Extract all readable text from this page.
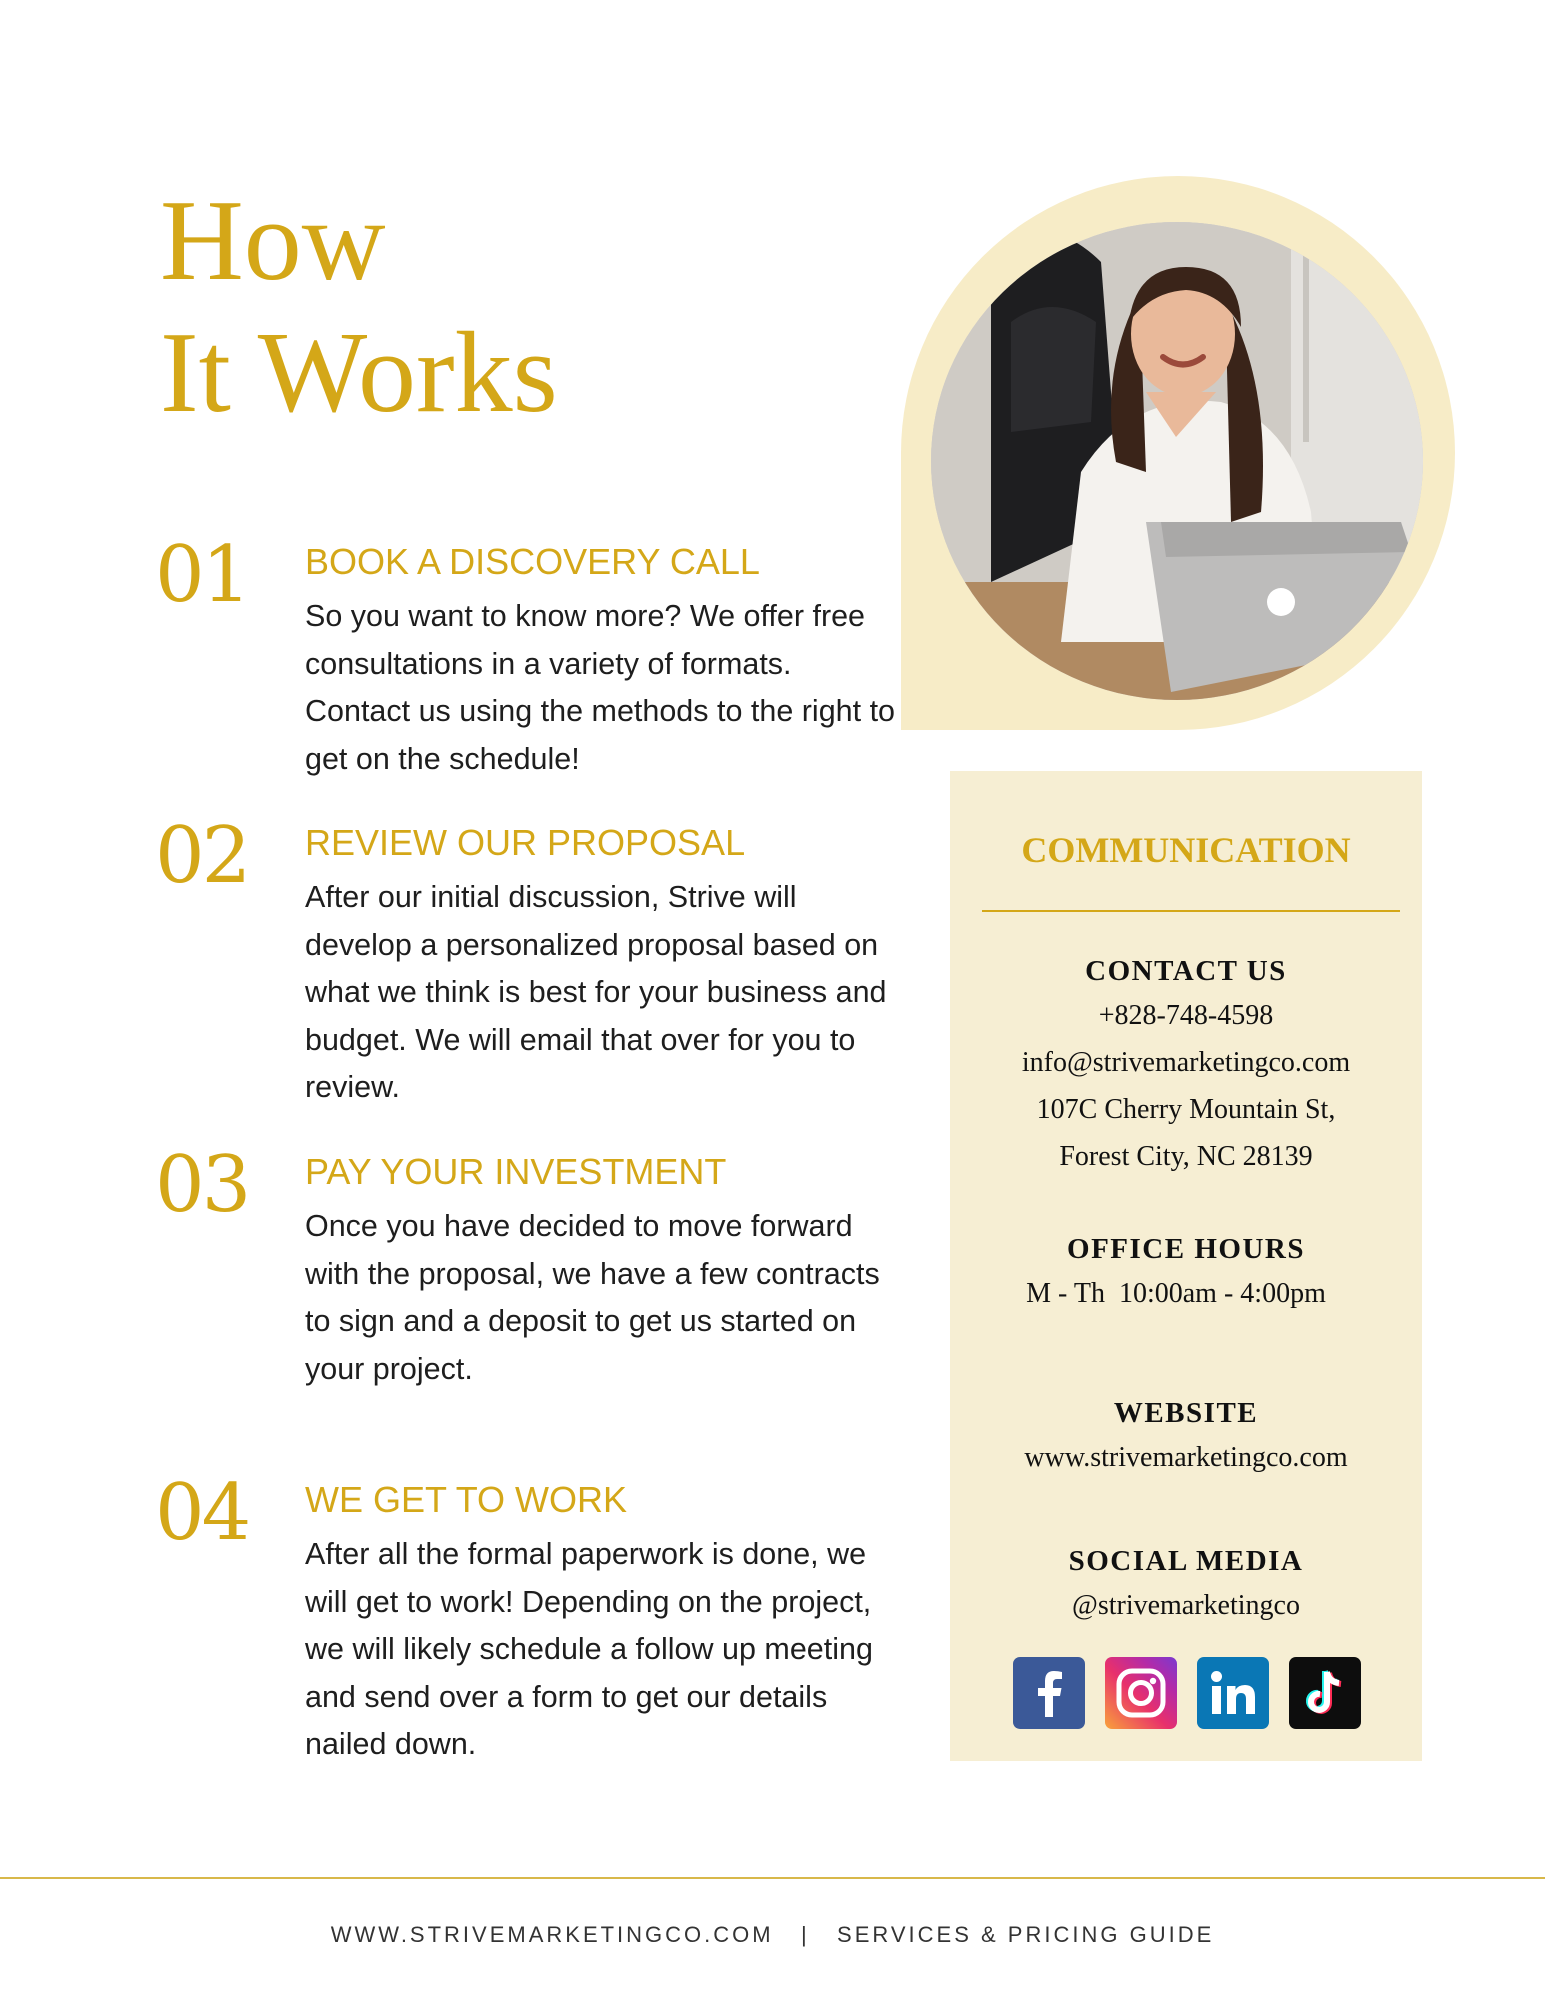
How
It Works
01 BOOK A DISCOVERY CALL

So you want to know more? We offer free consultations in a variety of formats. Contact us using the methods to the right to get on the schedule!

02 REVIEW OUR PROPOSAL

After our initial discussion, Strive will develop a personalized proposal based on what we think is best for your business and budget. We will email that over for you to review.

03 PAY YOUR INVESTMENT

Once you have decided to move forward with the proposal, we have a few contracts to sign and a deposit to get us started on your project.

04 WE GET TO WORK

After all the formal paperwork is done, we will get to work! Depending on the project, we will likely schedule a follow up meeting and send over a form to get our details nailed down.

COMMUNICATION

CONTACT US

+828-748-4598

info@strivemarketingco.com

107C Cherry Mountain St,

Forest City, NC 28139

OFFICE HOURS

M - Th  10:00am - 4:00pm

WEBSITE

www.strivemarketingco.com

SOCIAL MEDIA

@strivemarketingco

WWW.STRIVEMARKETINGCO.COM | SERVICES & PRICING GUIDE
